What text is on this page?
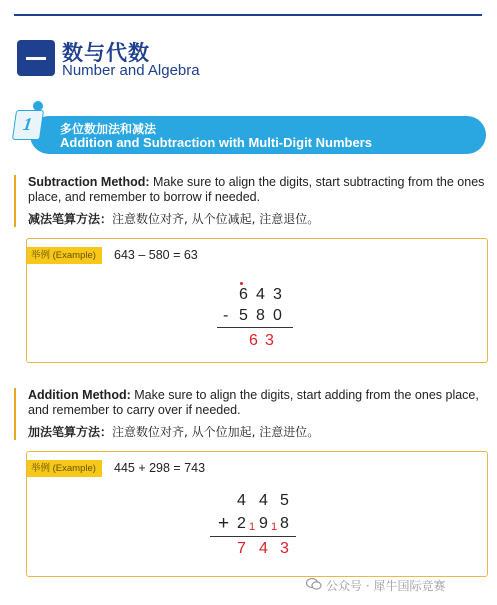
数与代数
Number and Algebra
多位数加法和减法
Addition and Subtraction with Multi-Digit Numbers
1
Subtraction Method: Make sure to align the digits, start subtracting from the ones place, and remember to borrow if needed.
减法笔算方法：注意数位对齐, 从个位减起, 注意退位。
举例 (Example)	643 – 580 = 63
6 4 3
- 5 8 0
6 3
Addition Method: Make sure to align the digits, start adding from the ones place, and remember to carry over if needed.
加法笔算方法：注意数位对齐, 从个位加起, 注意进位。
举例 (Example)	445 + 298 = 743
4 4 5
+ 2 9 8
1 1
7 4 3
公众号 · 犀牛国际竞赛
